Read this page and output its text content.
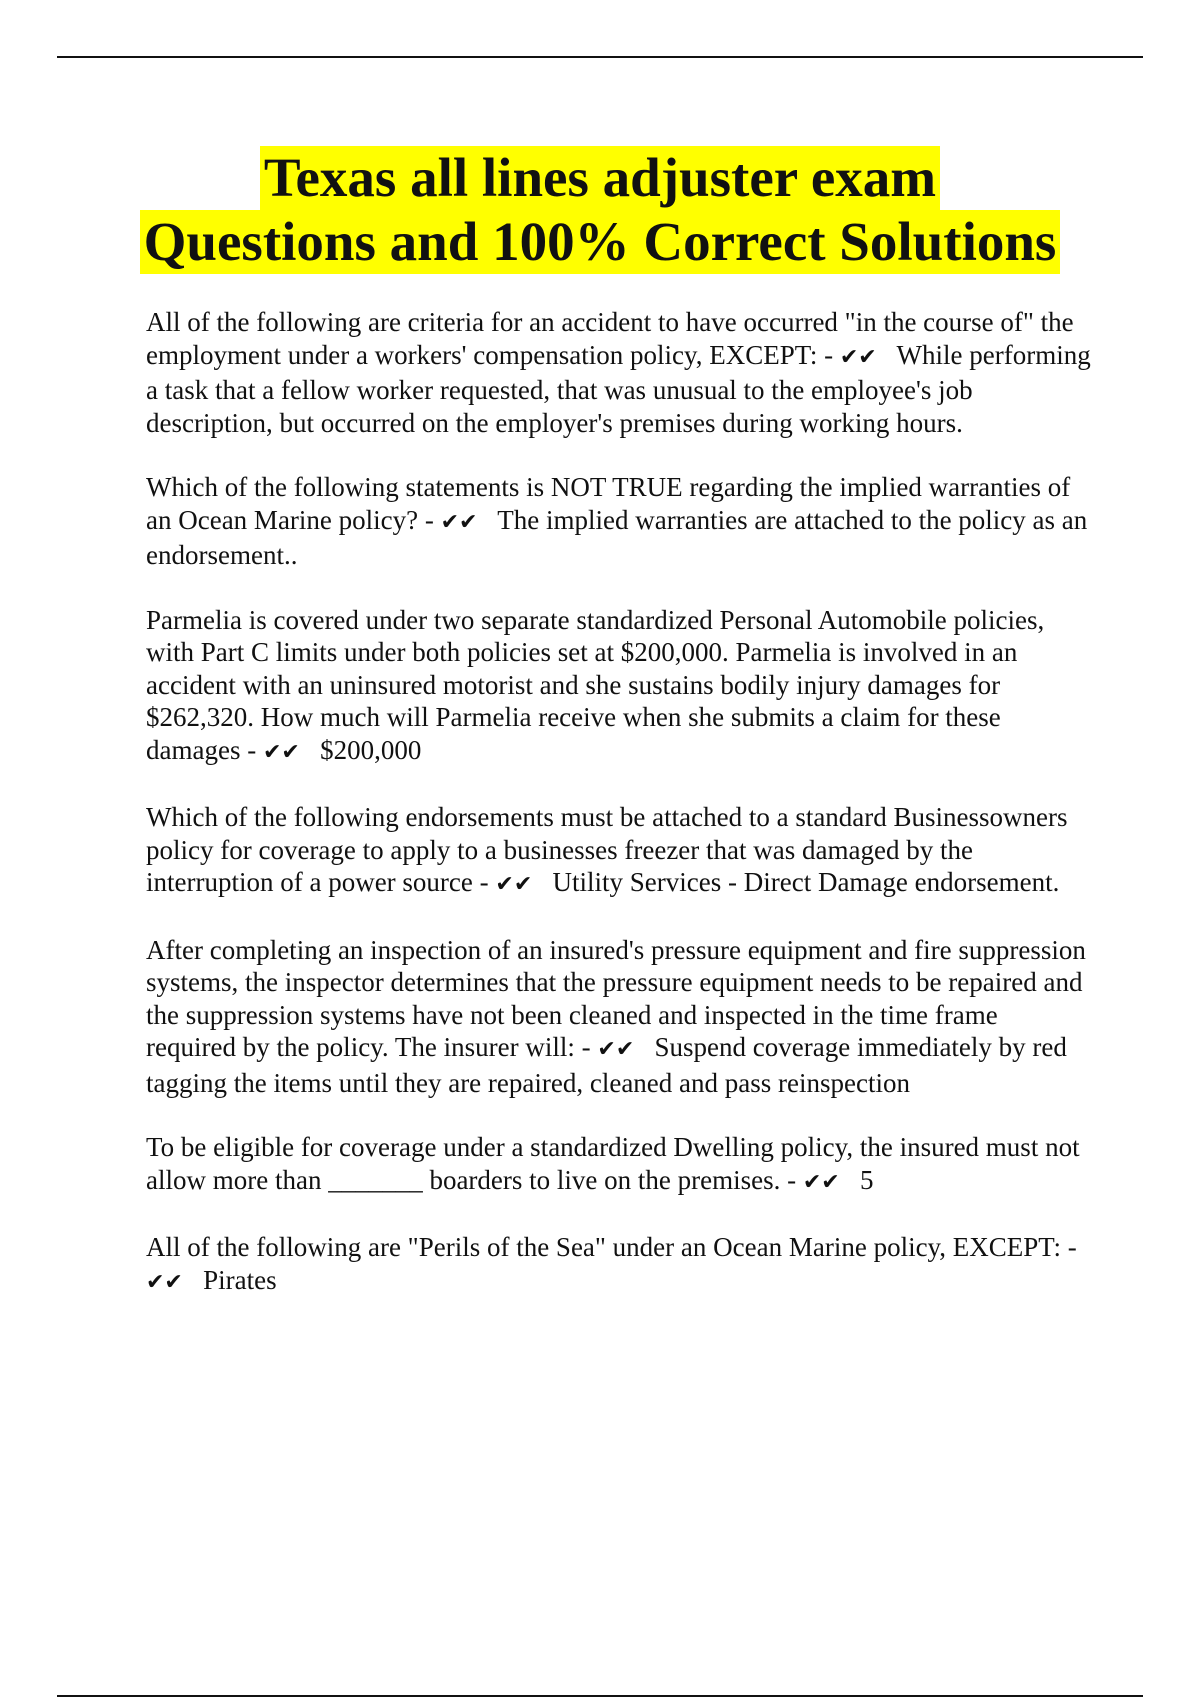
Texas all lines adjuster exam
Questions and 100% Correct Solutions

All of the following are criteria for an accident to have occurred "in the course of" the employment under a workers' compensation policy, EXCEPT: - ✔✔ While performing a task that a fellow worker requested, that was unusual to the employee's job description, but occurred on the employer's premises during working hours.

Which of the following statements is NOT TRUE regarding the implied warranties of an Ocean Marine policy? - ✔✔ The implied warranties are attached to the policy as an endorsement..

Parmelia is covered under two separate standardized Personal Automobile policies, with Part C limits under both policies set at $200,000. Parmelia is involved in an accident with an uninsured motorist and she sustains bodily injury damages for $262,320. How much will Parmelia receive when she submits a claim for these damages - ✔✔ $200,000

Which of the following endorsements must be attached to a standard Businessowners policy for coverage to apply to a businesses freezer that was damaged by the interruption of a power source - ✔✔ Utility Services - Direct Damage endorsement.

After completing an inspection of an insured's pressure equipment and fire suppression systems, the inspector determines that the pressure equipment needs to be repaired and the suppression systems have not been cleaned and inspected in the time frame required by the policy. The insurer will: - ✔✔ Suspend coverage immediately by red tagging the items until they are repaired, cleaned and pass reinspection

To be eligible for coverage under a standardized Dwelling policy, the insured must not allow more than _______ boarders to live on the premises. - ✔✔ 5

All of the following are "Perils of the Sea" under an Ocean Marine policy, EXCEPT: - ✔✔ Pirates
